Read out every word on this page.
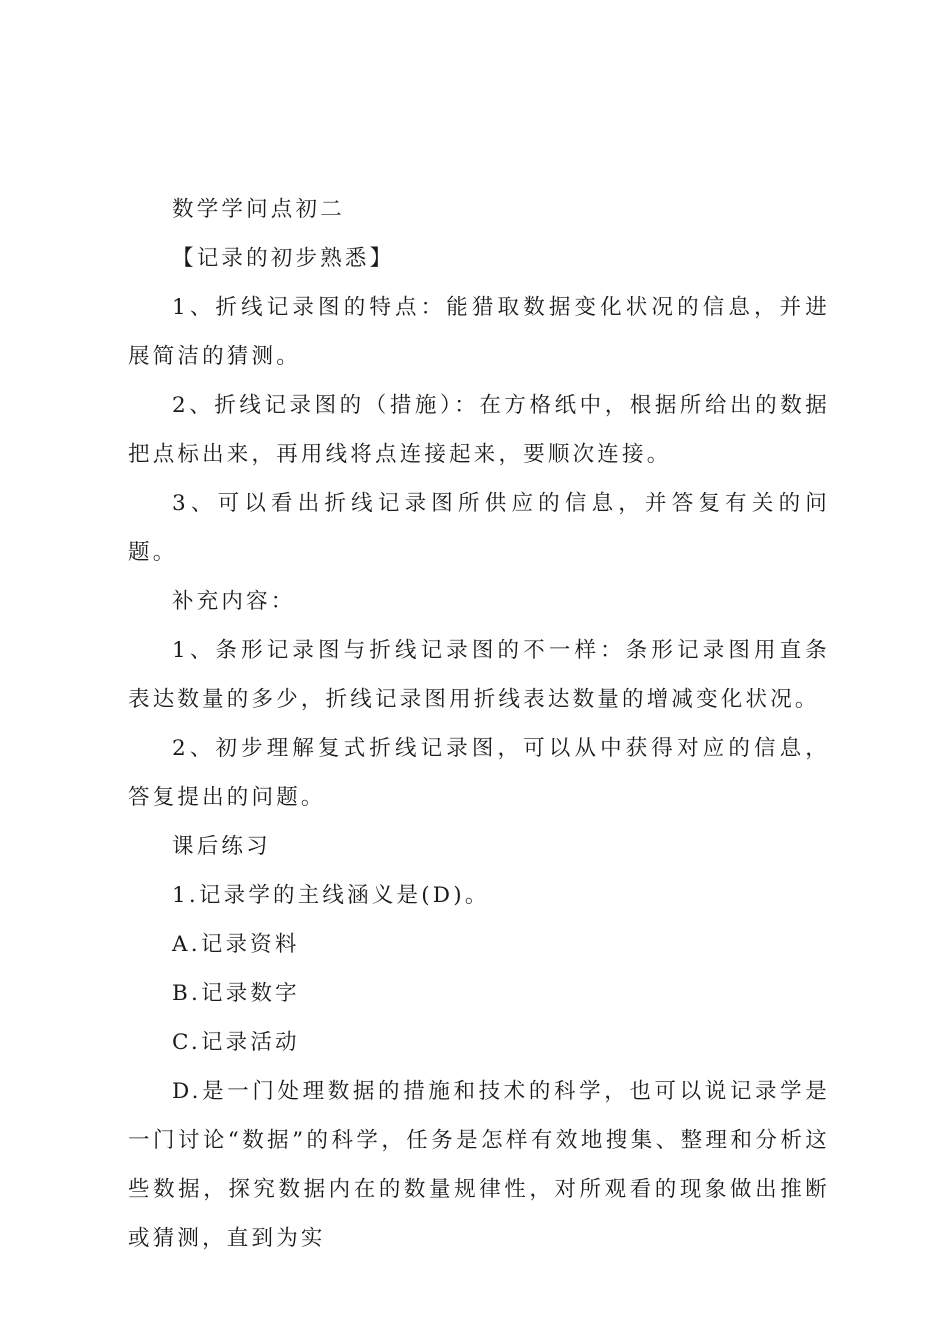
数学学问点初二

【记录的初步熟悉】

1、折线记录图的特点：能猎取数据变化状况的信息，并进展简洁的猜测。

2、折线记录图的（措施）：在方格纸中，根据所给出的数据把点标出来，再用线将点连接起来，要顺次连接。

3、可以看出折线记录图所供应的信息，并答复有关的问题。

补充内容：

1、条形记录图与折线记录图的不一样：条形记录图用直条表达数量的多少，折线记录图用折线表达数量的增减变化状况。

2、初步理解复式折线记录图，可以从中获得对应的信息，答复提出的问题。

课后练习

1.记录学的主线涵义是(D)。

A.记录资料

B.记录数字

C.记录活动

D.是一门处理数据的措施和技术的科学，也可以说记录学是一门讨论“数据”的科学，任务是怎样有效地搜集、整理和分析这些数据，探究数据内在的数量规律性，对所观看的现象做出推断或猜测，直到为实
